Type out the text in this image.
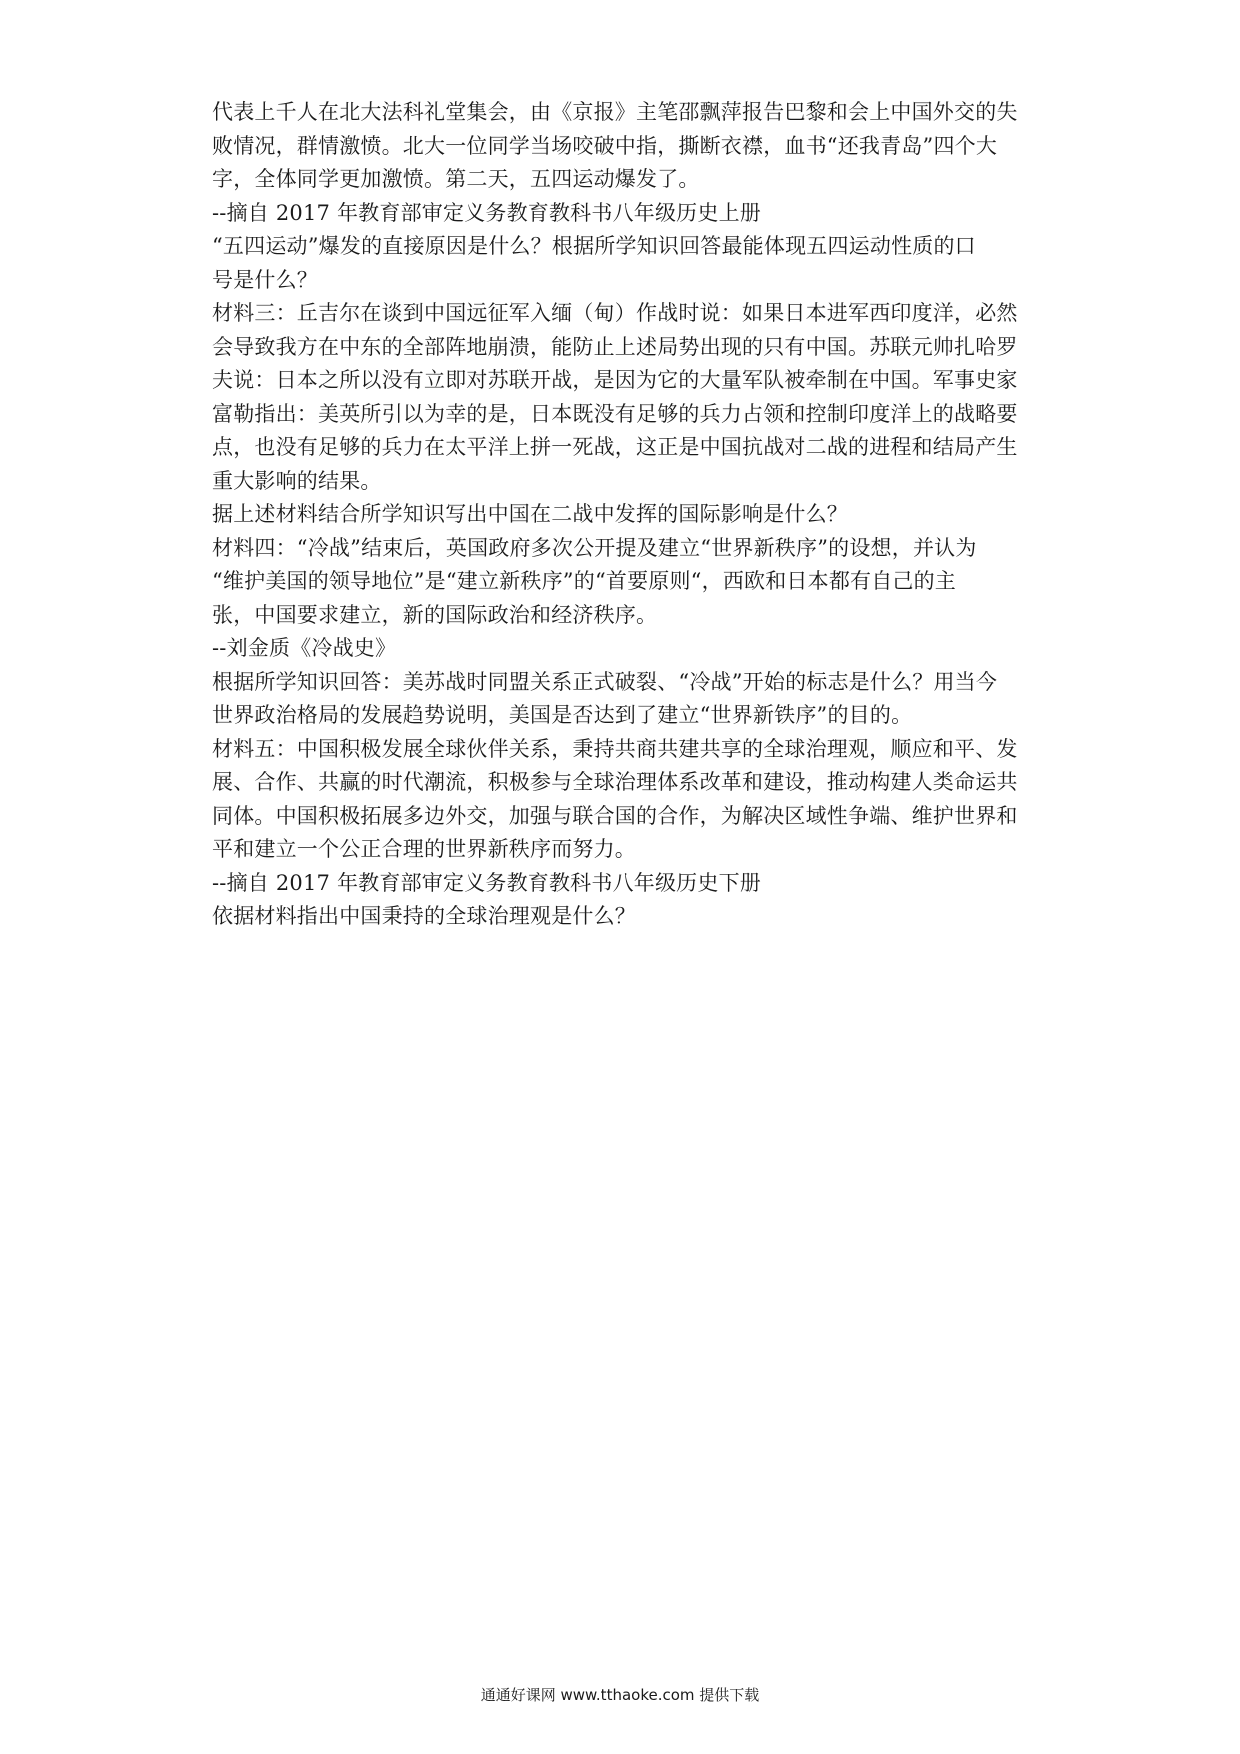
代表上千人在北大法科礼堂集会，由《京报》主笔邵飘萍报告巴黎和会上中国外交的失
败情况，群情激愤。北大一位同学当场咬破中指，撕断衣襟，血书“还我青岛”四个大
字，全体同学更加激愤。第二天，五四运动爆发了。
--摘自 2017 年教育部审定义务教育教科书八年级历史上册
“五四运动”爆发的直接原因是什么？根据所学知识回答最能体现五四运动性质的口
号是什么？
材料三：丘吉尔在谈到中国远征军入缅（甸）作战时说：如果日本进军西印度洋，必然
会导致我方在中东的全部阵地崩溃，能防止上述局势出现的只有中国。苏联元帅扎哈罗
夫说：日本之所以没有立即对苏联开战，是因为它的大量军队被牵制在中国。军事史家
富勒指出：美英所引以为幸的是，日本既没有足够的兵力占领和控制印度洋上的战略要
点，也没有足够的兵力在太平洋上拼一死战，这正是中国抗战对二战的进程和结局产生
重大影响的结果。
据上述材料结合所学知识写出中国在二战中发挥的国际影响是什么？
材料四：“冷战”结束后，英国政府多次公开提及建立“世界新秩序”的设想，并认为
“维护美国的领导地位”是“建立新秩序”的“首要原则“，西欧和日本都有自己的主
张，中国要求建立，新的国际政治和经济秩序。
--刘金质《冷战史》
根据所学知识回答：美苏战时同盟关系正式破裂、“冷战”开始的标志是什么？用当今
世界政治格局的发展趋势说明，美国是否达到了建立“世界新铁序”的目的。
材料五：中国积极发展全球伙伴关系，秉持共商共建共享的全球治理观，顺应和平、发
展、合作、共赢的时代潮流，积极参与全球治理体系改革和建设，推动构建人类命运共
同体。中国积极拓展多边外交，加强与联合国的合作，为解决区域性争端、维护世界和
平和建立一个公正合理的世界新秩序而努力。
--摘自 2017 年教育部审定义务教育教科书八年级历史下册
依据材料指出中国秉持的全球治理观是什么？
通通好课网 www.tthaoke.com 提供下载
